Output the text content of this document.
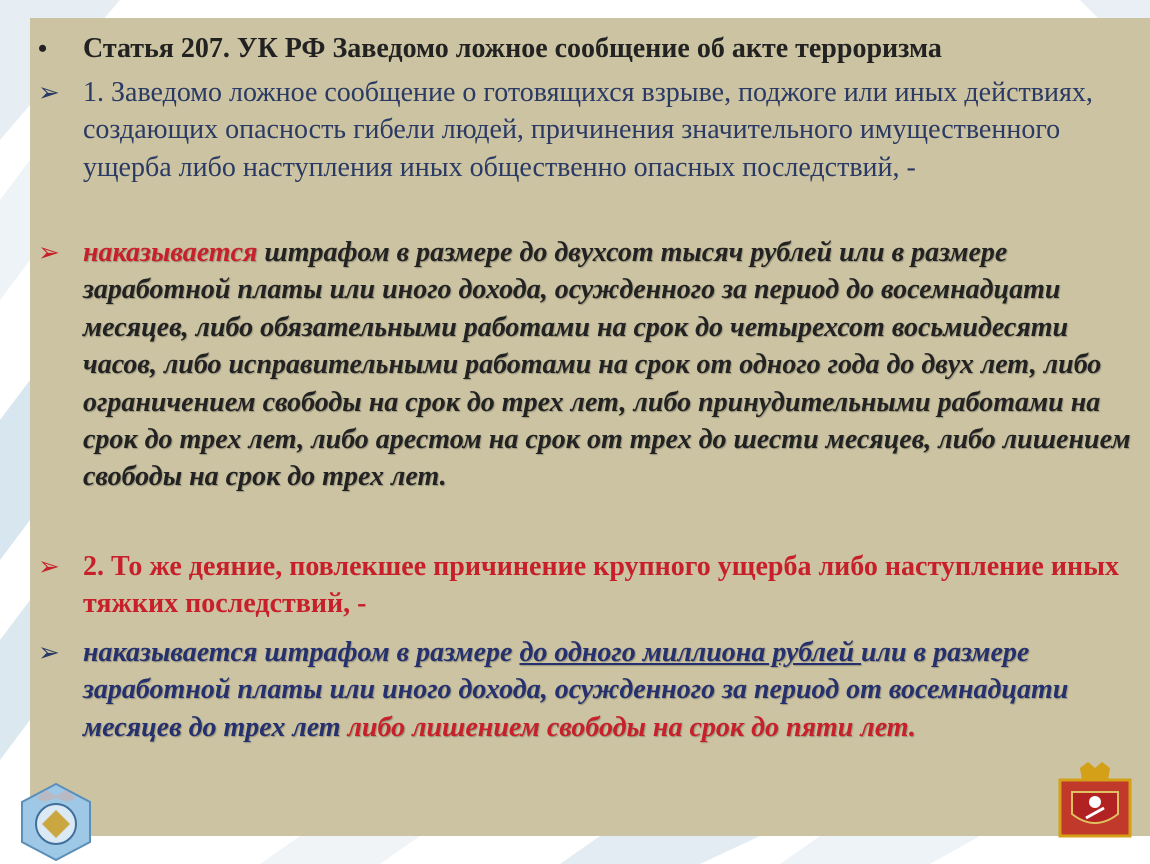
• Статья 207. УК РФ Заведомо ложное сообщение об акте терроризма
➢ 1. Заведомо ложное сообщение о готовящихся взрыве, поджоге или иных действиях, создающих опасность гибели людей, причинения значительного имущественного ущерба либо наступления иных общественно опасных последствий, -
➢ наказывается штрафом в размере до двухсот тысяч рублей или в размере заработной платы или иного дохода, осужденного за период до восемнадцати месяцев, либо обязательными работами на срок до четырехсот восьмидесяти часов, либо исправительными работами на срок от одного года до двух лет, либо ограничением свободы на срок до трех лет, либо принудительными работами на срок до трех лет, либо арестом на срок от трех до шести месяцев, либо лишением свободы на срок до трех лет.
➢ 2. То же деяние, повлекшее причинение крупного ущерба либо наступление иных тяжких последствий, -
➢ наказывается штрафом в размере до одного миллиона рублей или в размере заработной платы или иного дохода, осужденного за период от восемнадцати месяцев до трех лет либо лишением свободы на срок до пяти лет.
